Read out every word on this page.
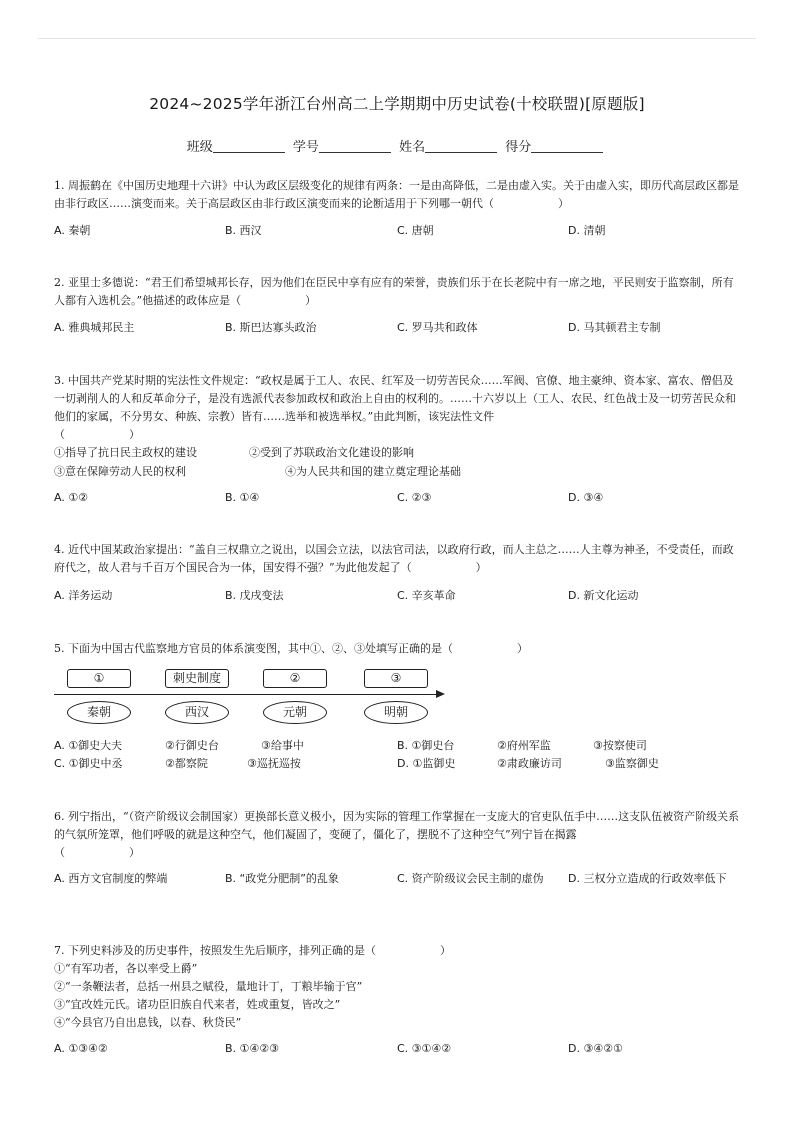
2024~2025学年浙江台州高二上学期期中历史试卷(十校联盟)[原题版]
班级	学号	姓名	得分

1. 周振鹤在《中国历史地理十六讲》中认为政区层级变化的规律有两条：一是由高降低，二是由虚入实。关于由虚入实，即历代高层政区都是由非行政区……演变而来。关于高层政区由非行政区演变而来的论断适用于下列哪一朝代（	）

A. 秦朝	B. 西汉	C. 唐朝	D. 清朝

2. 亚里士多德说：“君王们希望城邦长存，因为他们在臣民中享有应有的荣誉，贵族们乐于在长老院中有一席之地，平民则安于监察制，所有人都有入选机会。”他描述的政体应是（	）

A. 雅典城邦民主	B. 斯巴达寡头政治	C. 罗马共和政体	D. 马其顿君主专制

3. 中国共产党某时期的宪法性文件规定：“政权是属于工人、农民、红军及一切劳苦民众……军阀、官僚、地主豪绅、资本家、富农、僧侣及一切剥削人的人和反革命分子，是没有选派代表参加政权和政治上自由的权利的。……十六岁以上（工人、农民、红色战士及一切劳苦民众和他们的家属，不分男女、种族、宗教）皆有……选举和被选举权。”由此判断，该宪法性文件

（	）

①指导了抗日民主政权的建设	②受到了苏联政治文化建设的影响
③意在保障劳动人民的权利	④为人民共和国的建立奠定理论基础
A. ①②	B. ①④	C. ②③	D. ③④

4. 近代中国某政治家提出：“盖自三权鼎立之说出，以国会立法，以法官司法，以政府行政，而人主总之……人主尊为神圣，不受责任，而政府代之，故人君与千百万个国民合为一体，国安得不强？”为此他发起了（	）

A. 洋务运动	B. 戊戌变法	C. 辛亥革命	D. 新文化运动

5. 下面为中国古代监察地方官员的体系演变图，其中①、②、③处填写正确的是（	）

①	刺史制度	②	③
秦朝	西汉	元朝	明朝
A. ①御史大夫	②行御史台	③给事中	B. ①御史台	②府州军监	③按察使司
C. ①御史中丞	②都察院	③巡抚巡按	D. ①监御史	②肃政廉访司	③监察御史

6. 列宁指出，“（资产阶级议会制国家）更换部长意义极小，因为实际的管理工作掌握在一支庞大的官吏队伍手中……这支队伍被资产阶级关系的气氛所笼罩，他们呼吸的就是这种空气，他们凝固了，变硬了，僵化了，摆脱不了这种空气”列宁旨在揭露

（	）

A. 西方文官制度的弊端	B. “政党分肥制”的乱象	C. 资产阶级议会民主制的虚伪 D. 三权分立造成的行政效率低下

7. 下列史料涉及的历史事件，按照发生先后顺序，排列正确的是（	）

①“有军功者，各以率受上爵”
②“一条鞭法者，总括一州县之赋役，量地计丁，丁粮毕输于官”
③“宜改姓元氏。诸功臣旧族自代来者，姓或重复，皆改之”
④“今县官乃自出息钱，以春、秋贷民”
A. ①③④②	B. ①④②③	C. ③①④②	D. ③④②①
